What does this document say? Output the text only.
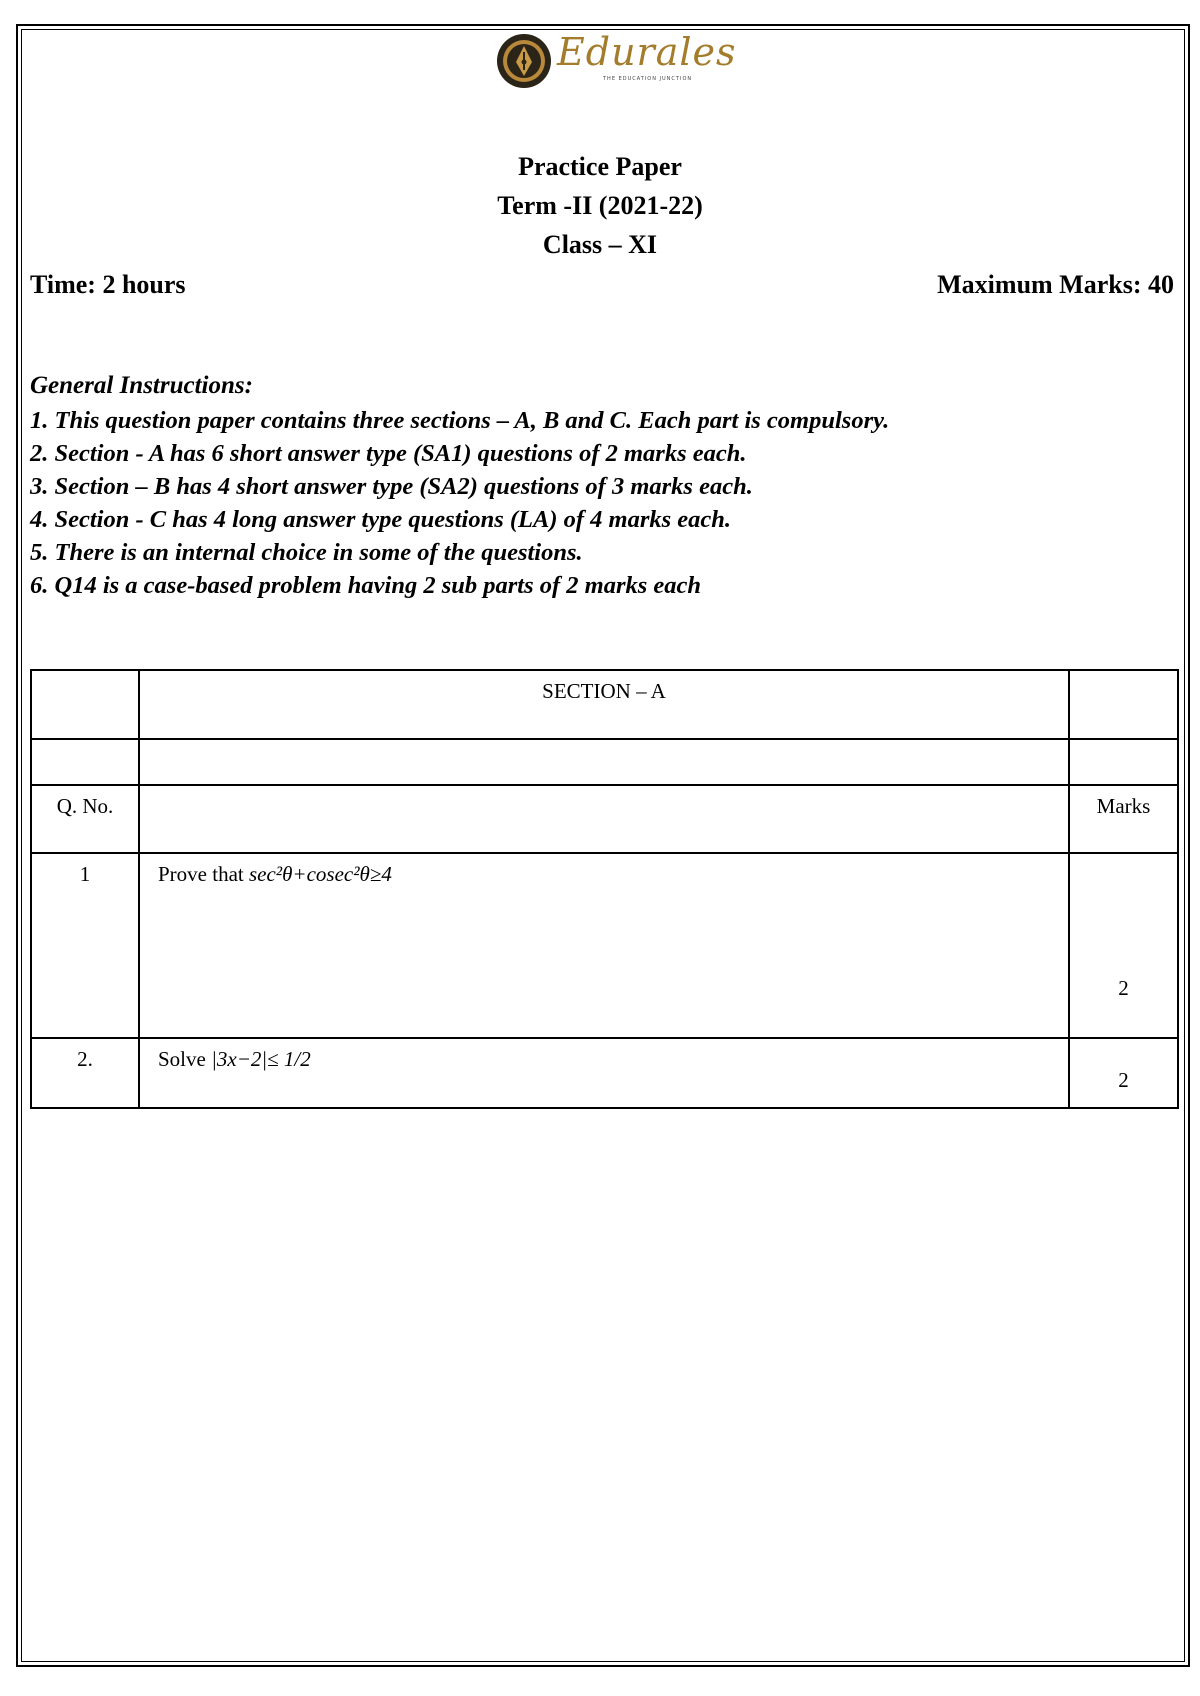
Edurales
THE EDUCATION JUNCTION
Practice Paper
Term -II (2021-22)
Class – XI
Time: 2 hours	Maximum Marks: 40
General Instructions:
1. This question paper contains three sections – A, B and C. Each part is compulsory.
2. Section - A has 6 short answer type (SA1) questions of 2 marks each.
3. Section – B has 4 short answer type (SA2) questions of 3 marks each.
4. Section - C has 4 long answer type questions (LA) of 4 marks each.
5. There is an internal choice in some of the questions.
6. Q14 is a case-based problem having 2 sub parts of 2 marks each
	SECTION – A	

Q. No.		Marks
1	Prove that sec²θ+cosec²θ≥4	2

2.	Solve |3x−2|≤ 1/2	2
